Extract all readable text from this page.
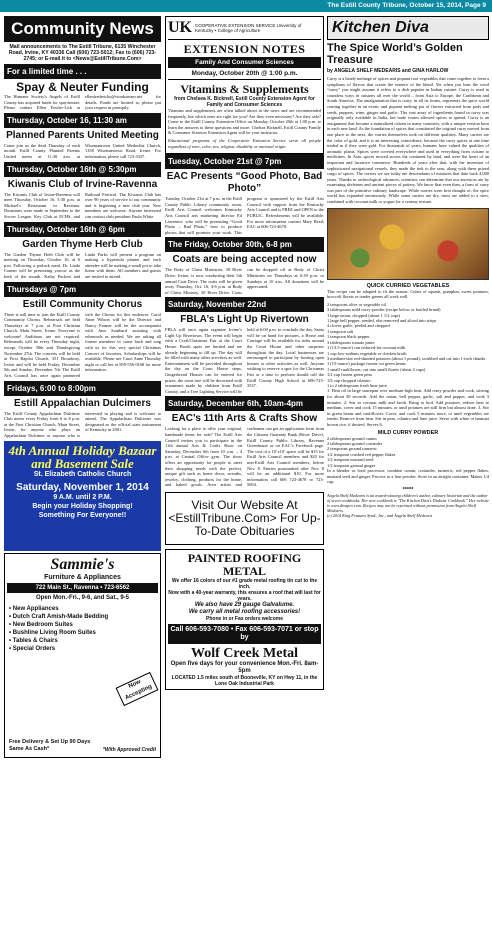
The Estill County Tribune, October 15, 2014, Page 9
Community News
Mail announcements to The Estill Tribune, 6135 Winchester Road, Irvine, KY 40336 Call (606) 723-5012; Fax to (606) 723-2745; or E-mail it to <News@EstillTribune.Com>
For a limited time . . .
Spay & Neuter Funding
The Humane Society's Angels of Estill County has acquired funds for spay/neuter. Please contact Ellen Fowler-Lick at ellenfredericks@windstream.net for details. Funds are limited so please put your request in promptly.
Thursday, October 16, 11:30 am
Planned Parents United Meeting
Come join us the third Thursday of each month. Estill County Planned Parents United meets at 11:30 a.m. at Wisemantown United Methodist Church, 1358 Wisemantown Road, Irvine. For information, please call 723-3337.
Thursday, October 16th @ 5:30pm
Kiwanis Club of Irvine-Ravenna
The Kiwanis Club of Irvine-Ravenna will meet Thursday, October 16, 5:30 p.m. at Michael's Restaurant in Ravenna. Donations were made in September to the Soccer League, Key Club at ECHS, and Railroad Festival. The Kiwanis Club has over 90 years of service to our community and is beginning a new club year. New members are welcome. Anyone interested can contact club president Paula White.
Thursday, October 16th @ 6pm
Garden Thyme Herb Club
The Garden Thyme Herb Club will be meeting on Thursday, October 16, at 6 p.m. Following a potluck meal, Dr. Linda Conner will be presenting yarrow as the herb of the month. Kathy Puckett and Linda Parks will present a program on making a hypertufa planter and each attendee will be making a small pot to take home with them. All members and guests are invited to attend.
Thursdays @ 7pm
Estill Community Chorus
There is still time to join the Estill County Community Chorus. Rehearsals are held Thursdays at 7 p.m. at First Christian Church, Main Street, Irvine. Everyone is welcome! Auditions are not required. Rehearsals will be every Thursday night, except October 30th and Thanksgiving November 27th. The concerts will be held at First Baptist Church, 351 Broadway, Irvine and will be held Friday, December 5th and Sunday, December 7th. The Estill Arts Council has once again partnered with the Chorus for this endeavor. Carol Anne Wilson will be the Director and Nancy Farmer will be the accompanist with Ann Southard assisting with rehearsals as needed. We are asking all former members to come back and sing with us for this very special Christmas Concert of favorites. Scholarships will be available. Please see Carol Anne Thursday night or call her at 859-556-0168 for more information.
Fridays, 6:00 to 8:00pm
Estill Appalachian Dulcimers
The Estill County Appalachian Dulcimer Club meets every Friday from 6 to 8 p.m. at the First Christian Church, Main Street, Irvine, for anyone who plays an Appalachian Dulcimer or anyone who is interested in playing and is welcome to attend. The Appalachian Dulcimer was designated as the official state instrument of Kentucky in 2001.
4th Annual Holiday Bazaar
and Basement Sale
St. Elizabeth Catholic Church
Saturday, November 1, 2014
9 A.M. until 2 P.M.
Begin your Holiday Shopping!
Something For Everyone!!
Sammie's
Furniture & Appliances
722 Main St., Ravenna • 723-6562
Open Mon.-Fri., 9-6, and Sat., 9-5
• New Appliances
• Dutch Craft Amish-Made Bedding
• New Bedroom Suites
• Bushline Living Room Suites
• Tables & Chairs
• Special Orders
Now Accepting
Free Delivery & Set Up 90 Days Same As Cash*	*With Approved Credit
UK COOPERATIVE EXTENSION SERVICE University of Kentucky • College of Agriculture
EXTENSION NOTES
Family And Consumer Sciences
Monday, October 20th @ 1:00 p.m.
Vitamins & Supplements
from Chelsea K. Bicknell, Estill County Extension Agent for Family and Consumer Sciences
Vitamins and supplements are often talked about in the news and are recommended frequently, but which ones are right for you? Are they even necessary? Are they safe? Come to the Estill County Extension Office on Monday, October 20th at 1:00 p.m. to learn the answers to these questions and more. Chelsea Bicknell, Estill County Family & Consumer Sciences Extension Agent will be your instructor.
Educational programs of the Cooperative Extension Service serve all people regardless of race, color, sex, religion, disability or national origin.
Tuesday, October 21st @ 7pm
EAC Presents “Good Photo, Bad Photo”
Tuesday, October 21st at 7 p.m. in the Estill County Public Library community room, Estill Arts Council welcomes Kentucky Arts Council arts marketing director Ed Lawrence, who will be presenting “Good Photo – Bad Photo,” how to produce photos that will promote your work. This program is sponsored by the Estill Arts Council with support from the Kentucky Arts Council and is FREE and OPEN to the PUBLIC. Refreshments will be available. For more information contact Mary Reed, EAC at 606-723-4678.
The Friday, October 30th, 6-8 pm
Coats are being accepted now
The Body of Christ Ministries, 38 River Drive, Irvine, is now conducting their 5th annual Coat Drive. The coats will be given away Thursday, Oct. 16, 4-6 p.m. at Body of Christ Ministry, 38 River Drive. Coats can be dropped off at Body of Christ Ministries on Thursdays at 6:30 p.m. or Sundays at 10 a.m. All donations will be appreciated.
Saturday, November 22nd
FBLA’s Light Up Rivertown
FBLA will once again organize Irvine’s Light Up Rivertown. The event will begin with a Craft/Christmas Fair at the Court House. Booth spots are limited and are already beginning to fill up. The day will be filled with many other activities as well. Entertainment will be provided throughout the day on the Court House steps. Gingerbread Houses can be entered for prizes, the town tree will be decorated with ornaments made by children from Estill County, and a Tree Lighting Service will be held at 6:00 p.m. to conclude the day. Santa will be on hand for pictures, a Horse and Carriage will be available for rides around the Court House and other surprises throughout the day. Local businesses are encouraged to participate by hosting open houses or other activities as well. Anyone wishing to reserve a spot for the Christmas Fair or a time to perform should call the Estill County High School at 606-723-3537.
Saturday, December 6th, 10am-4pm
EAC’s 11th Arts & Crafts Show
Looking for a place to offer your original, handmade items for sale? The Estill Arts Council invites you to participate in the 11th annual Arts & Crafts Show on Saturday, December 6th from 10 a.m. – 4 p.m. at Central Office gym. The show offers an opportunity for people to meet their shopping needs with the perfect, unique gift such as home decor, wreaths, jewelry, clothing, products for the home, and baked goods. Area artists and craftsmen can get an application form from the Citizens Guaranty Bank (River Drive), Estill County Public Library, Ravenna Greenhouse or on EAC’s Facebook page. The cost of a 10’x10’ space will be $15 for Estill Arts Council members and $20 for non-Estill Arts Council members, before Nov. 8. Entries postmarked after Nov. 8 will be an additional $10. For more information call 606 723-4678 or 723-5694.
Visit Our Website At <EstillTribune.Com> For Up-To-Date Obituaries
PAINTED ROOFING METAL
We offer 16 colors of our #1 grade metal roofing tin cut to the inch.
Now with a 40-year warranty, this ensures a roof that will last for years.
We also have 29 gauge Galvalume.
We carry all metal roofing accessories!
Phone in or Fax orders welcome
Call 606-593-7080 • Fax 606-593-7071 or stop by
Wolf Creek Metal
Open five days for your convenience Mon.-Fri. 8am-5pm
LOCATED 1.5 miles south of Booneville, KY on Hwy 11, in the Lone Oak Industrial Park
Kitchen Diva
The Spice World’s Golden Treasure
by ANGELA SHELF MEDEARIS and GINA HARLOW
Curry is a heady melange of spices and piquant root vegetables that come together to form a symphony of flavors that create the essence of the blend. Yet when you hear the word “curry” you might assume it refers to a dish popular in Indian cuisine. Curry is used in countless ways in cuisines all over the world – from Asia to Europe, the Caribbean and South America. The amalgamation that is curry, in all its forms, represents the spice world coming together in an exotic and piquant melting pot of flavors extracted from pods and seeds, peppers, wine, ginger and garlic. The vast array of ingredients found in curry was originally only available in India, but trade routes allowed spices to spread. Curry is an assignment that became a naturalized citizen in many countries, with a unique version born in each new land. As the foundation of spices that constituted the original curry moved from one place to the next, the curries themselves took on different qualities. Many curries are the color of gold, and it is an interesting coincidence, because the curry spices at one time traded as if they were gold. For thousands of years, humans have valued the qualities of aromatic plants. Spices were coveted everywhere and used in everything from cuisine to medicines. In Asia, spices moved across the continent by land, and were the heart of an important and lucrative commerce. Hundreds of years after that, with the invention of sophisticated navigational vessels, they made the trek to the seas, along with these prized cargo of spices. The curries we see today are descendants of mixtures that date back 4,000 years. Thanks to archeological advances, scientists can determine that our ancestors ate by examining skeletons and ancient pieces of pottery. We know that even then, a form of curry was part of the primitive culinary landscape. While curries were first thought of, the spice world has expanded enormously. While some curries are dry, most are added to a stew, combined with coconut milk or yogurt for a creamy texture.
QUICK CURRIED VEGETABLES
This recipe can be adapted to fit the season. Cubes of squash, pumpkin, sweet potatoes, broccoli florets or tender greens all work well.
2 teaspoons olive or vegetable oil
3 tablespoons mild curry powder (recipe below or bottled brand)
1 large onion, chopped (about 1 1/2 cups)
1 large bell pepper, seeded, ribs removed and sliced into strips
4 cloves garlic, peeled and chopped
1 teaspoon salt
1 teaspoon black pepper
3 tablespoons tomato paste
1 (13.5-ounce) can reduced-fat coconut milk
1 cup low-sodium vegetable or chicken broth
3 medium-size red-skinned potatoes (about 1 pound), scrubbed and cut into 1-inch chunks
1 (15-ounce) package frozen cut green beans
1 small cauliflower, cut into small florets (about 4 cups)
1/2 cup frozen green peas
1/4 cup chopped cilantro
1 to 2 tablespoons fresh lime juice
1. Heat oil in large saucepan over medium-high heat. Add curry powder and cook, stirring for about 30 seconds. Add the onion, bell pepper, garlic, salt and pepper, and cook 3 minutes. 2. Stir in coconut milk and broth. Bring to boil. Add potatoes, reduce heat to medium, cover and cook 15 minutes, or until potatoes are still firm but almost done. 3. Stir in green beans and cauliflower. Cover, and cook 5 minutes more, or until vegetables are tender. Remove from heat. Stir in peas, cilantro and lime juice. Serve with white or basmati brown rice, if desired. Serves 6.
MILD CURRY POWDER
2 tablespoons ground cumin
2 tablespoons ground coriander
2 teaspoons ground turmeric
1/2 teaspoon crushed red pepper flakes
1/2 teaspoon mustard seed
1/2 teaspoon ground ginger
In a blender or food processor, combine cumin, coriander, turmeric, red pepper flakes, mustard seed and ginger. Process to a fine powder. Store in an airtight container. Makes 1/4 cup.
*****
Angela Shelf Medearis is an award-winning children's author, culinary historian and the author of seven cookbooks. Her new cookbook is "The Kitchen Diva's Diabetic Cookbook." Her website is www.divapro.com. Recipes may not be reprinted without permission from Angela Shelf Medearis.
(c) 2014 King Features Synd., Inc., and Angela Shelf Medearis
